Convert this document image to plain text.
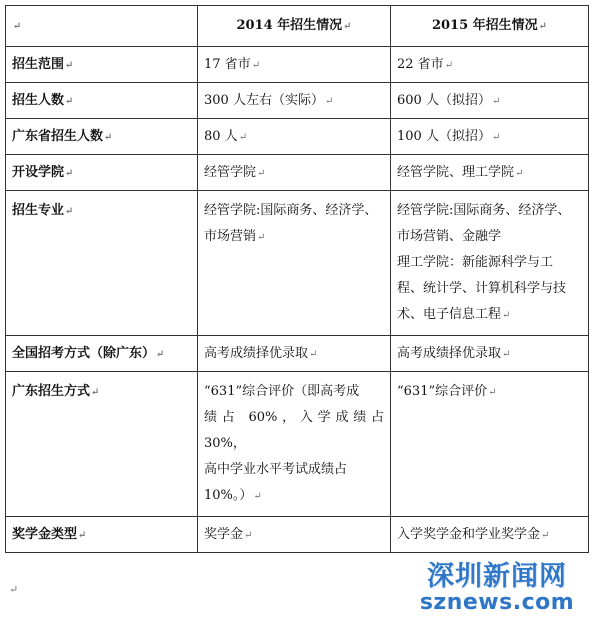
↵	2014 年招生情况↵	2015 年招生情况↵
招生范围↵	17 省市↵	22 省市↵
招生人数↵	300 人左右（实际）↵	600 人（拟招）↵
广东省招生人数↵	80 人↵	100 人（拟招）↵
开设学院↵	经管学院↵	经管学院、理工学院↵
招生专业↵	经管学院:国际商务、经济学、
市场营销↵	经管学院:国际商务、经济学、
市场营销、金融学
理工学院：新能源科学与工
程、统计学、计算机科学与技
术、电子信息工程↵

全国招考方式（除广东）↵	高考成绩择优录取↵	高考成绩择优录取↵
广东招生方式↵	“631”综合评价（即高考成
绩占 60%，入学成绩占 30%，
高中学业水平考试成绩占
10%。）↵	“631”综合评价↵
奖学金类型↵	奖学金↵	入学奖学金和学业奖学金↵
↵	深圳新闻网
sznews.com
